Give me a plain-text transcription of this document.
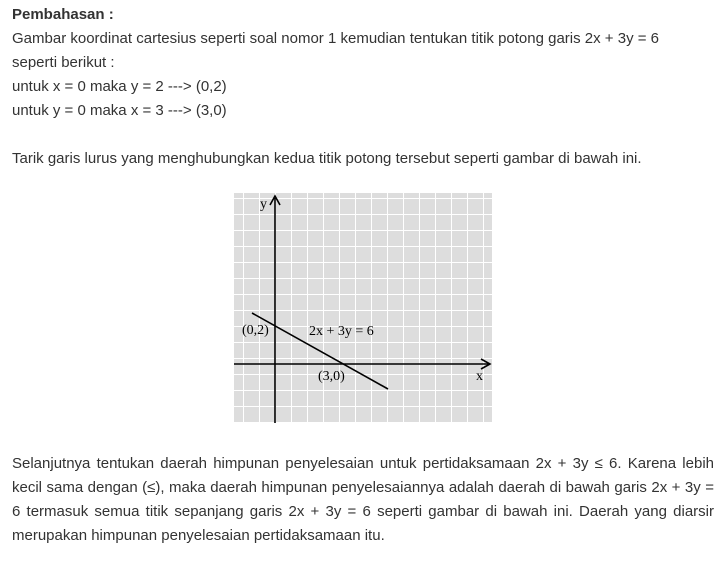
Pembahasan :
Gambar koordinat cartesius seperti soal nomor 1 kemudian tentukan titik potong garis 2x + 3y = 6
seperti berikut :
untuk x = 0 maka y = 2 ---> (0,2)
untuk y = 0 maka x = 3 ---> (3,0)
Tarik garis lurus yang menghubungkan kedua titik potong tersebut seperti gambar di bawah ini.
y
x
(0,2)
(3,0)
2x + 3y = 6
Selanjutnya tentukan daerah himpunan penyelesaian untuk pertidaksamaan 2x + 3y ≤ 6. Karena lebih kecil sama dengan (≤), maka daerah himpunan penyelesaiannya adalah daerah di bawah garis 2x + 3y = 6 termasuk semua titik sepanjang garis 2x + 3y = 6 seperti gambar di bawah ini. Daerah yang diarsir merupakan himpunan penyelesaian pertidaksamaan itu.
